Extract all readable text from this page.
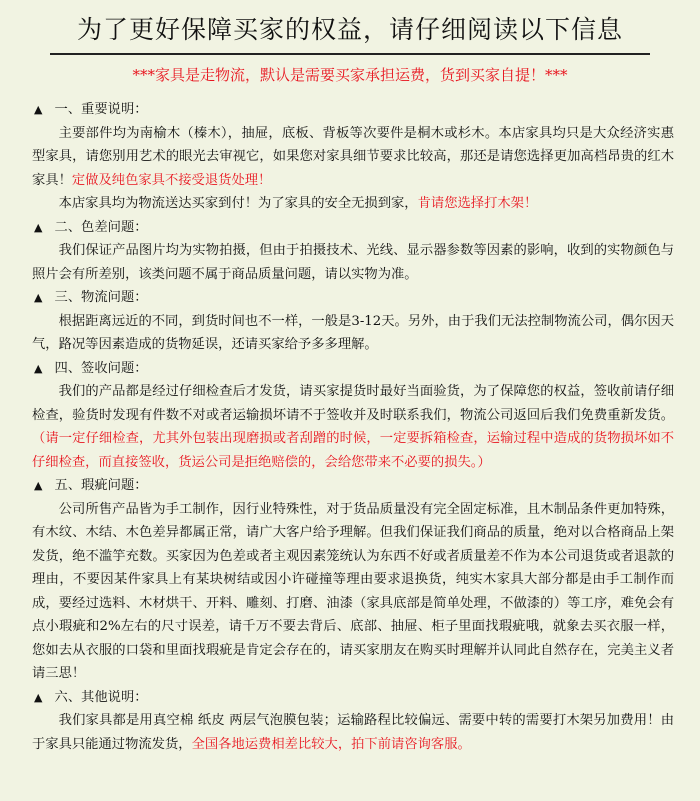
为了更好保障买家的权益，请仔细阅读以下信息
***家具是走物流，默认是需要买家承担运费，货到买家自提！***
▲ 一、重要说明：
主要部件均为南榆木（榛木），抽屉，底板、背板等次要件是桐木或杉木。本店家具均只是大众经济实惠型家具，请您别用艺术的眼光去审视它，如果您对家具细节要求比较高，那还是请您选择更加高档昂贵的红木家具！定做及纯色家具不接受退货处理！
本店家具均为物流送达买家到付！为了家具的安全无损到家，肯请您选择打木架！
▲ 二、色差问题：
我们保证产品图片均为实物拍摄，但由于拍摄技术、光线、显示器参数等因素的影响，收到的实物颜色与照片会有所差别，该类问题不属于商品质量问题，请以实物为准。
▲ 三、物流问题：
根据距离远近的不同，到货时间也不一样，一般是3-12天。另外，由于我们无法控制物流公司，偶尔因天气，路况等因素造成的货物延误，还请买家给予多多理解。
▲ 四、签收问题：
我们的产品都是经过仔细检查后才发货，请买家提货时最好当面验货，为了保障您的权益，签收前请仔细检查，验货时发现有件数不对或者运输损坏请不于签收并及时联系我们，物流公司返回后我们免费重新发货。（请一定仔细检查，尤其外包装出现磨损或者刮蹭的时候，一定要拆箱检查，运输过程中造成的货物损坏如不仔细检查，而直接签收，货运公司是拒绝赔偿的，会给您带来不必要的损失。）
▲ 五、瑕疵问题：
公司所售产品皆为手工制作，因行业特殊性，对于货品质量没有完全固定标准，且木制品条件更加特殊，有木纹、木结、木色差异都属正常，请广大客户给予理解。但我们保证我们商品的质量，绝对以合格商品上架发货，绝不滥竽充数。买家因为色差或者主观因素笼统认为东西不好或者质量差不作为本公司退货或者退款的理由，不要因某件家具上有某块树结或因小许碰撞等理由要求退换货，纯实木家具大部分都是由手工制作而成，要经过选料、木材烘干、开料、雕刻、打磨、油漆（家具底部是简单处理，不做漆的）等工序，难免会有点小瑕疵和2%左右的尺寸误差，请千万不要去背后、底部、抽屉、柜子里面找瑕疵哦，就象去买衣服一样，您如去从衣服的口袋和里面找瑕疵是肯定会存在的，请买家朋友在购买时理解并认同此自然存在，完美主义者请三思！
▲ 六、其他说明：
我们家具都是用真空棉 纸皮 两层气泡膜包装；运输路程比较偏远、需要中转的需要打木架另加费用！由于家具只能通过物流发货，全国各地运费相差比较大，拍下前请咨询客服。
